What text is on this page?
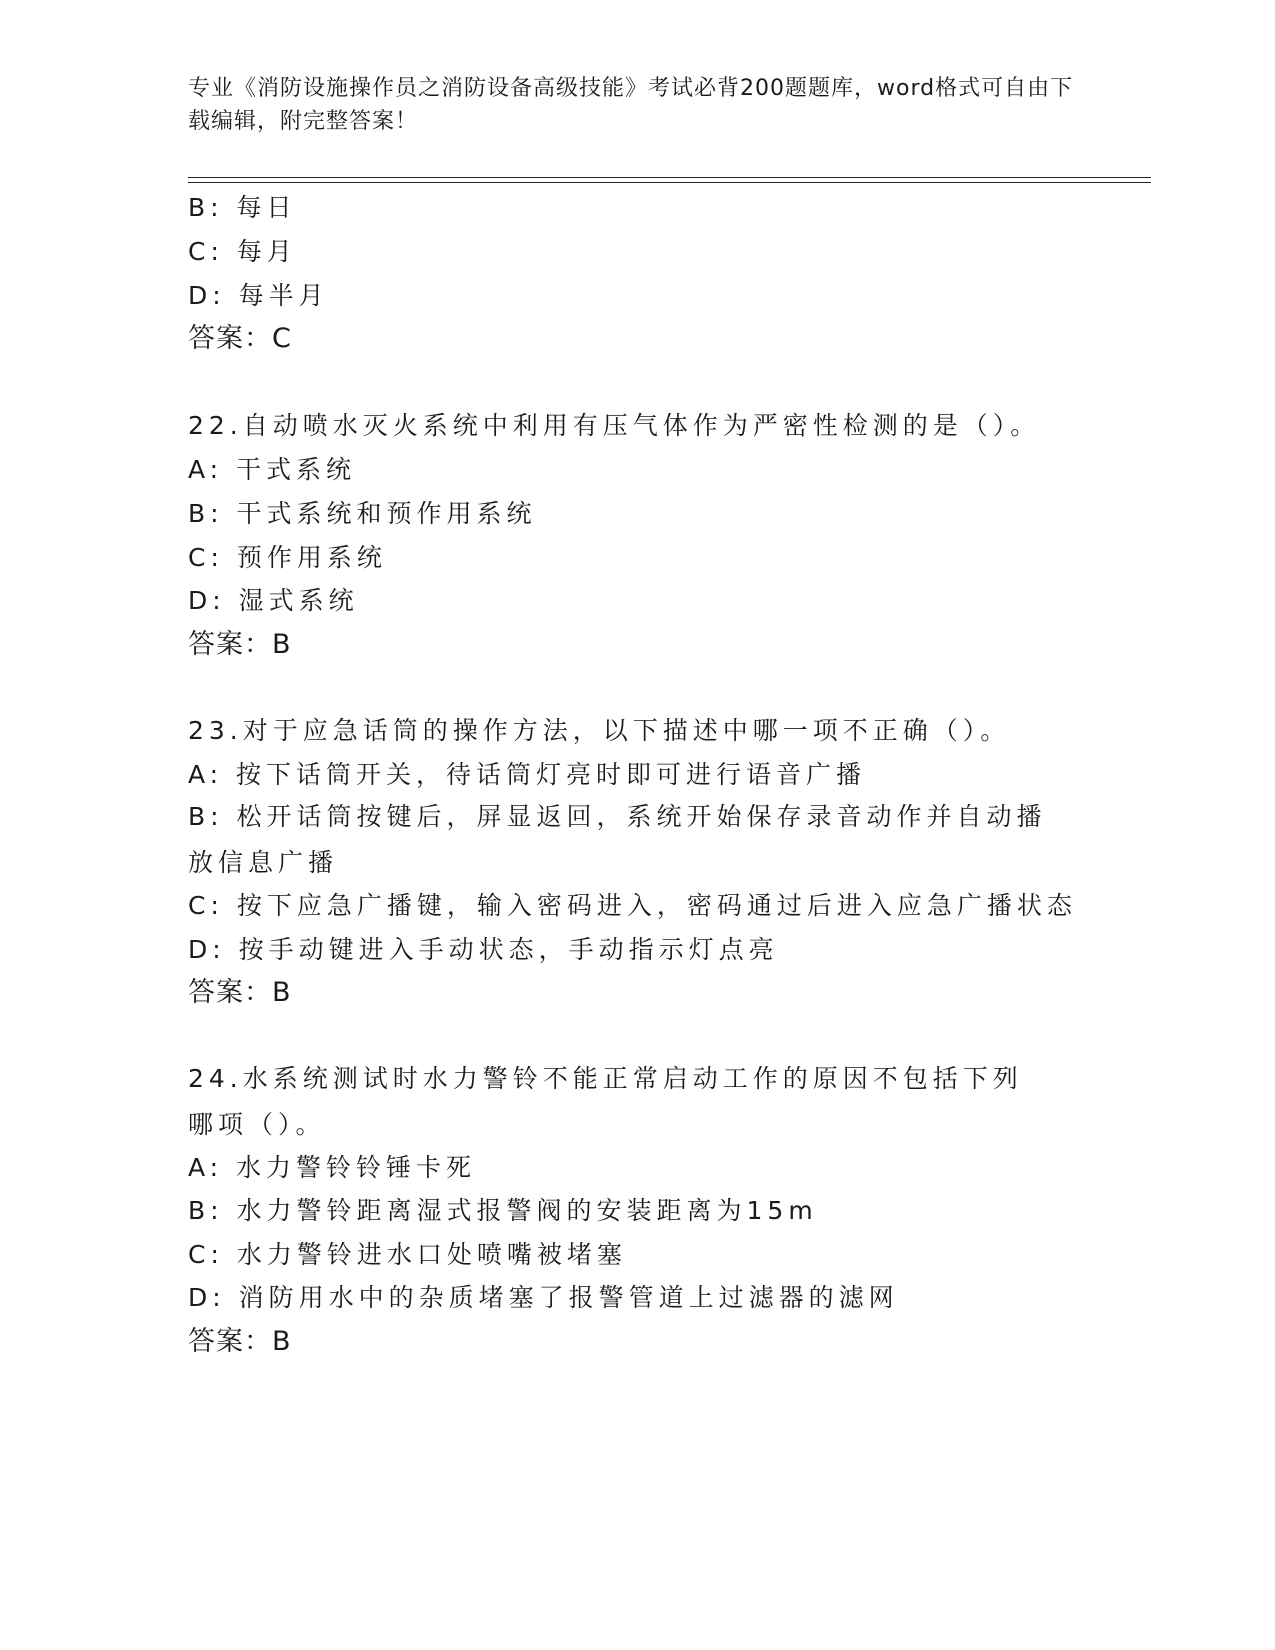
专业《消防设施操作员之消防设备高级技能》考试必背200题题库，word格式可自由下载编辑，附完整答案！
B: 每日
C: 每月
D: 每半月
答案：C
22.自动喷水灭火系统中利用有压气体作为严密性检测的是（）。
A: 干式系统
B: 干式系统和预作用系统
C: 预作用系统
D: 湿式系统
答案：B
23.对于应急话筒的操作方法，以下描述中哪一项不正确（）。
A: 按下话筒开关，待话筒灯亮时即可进行语音广播
B: 松开话筒按键后，屏显返回，系统开始保存录音动作并自动播放信息广播
C: 按下应急广播键，输入密码进入，密码通过后进入应急广播状态
D: 按手动键进入手动状态，手动指示灯点亮
答案：B
24.水系统测试时水力警铃不能正常启动工作的原因不包括下列哪项（）。
A: 水力警铃铃锤卡死
B: 水力警铃距离湿式报警阀的安装距离为15m
C: 水力警铃进水口处喷嘴被堵塞
D: 消防用水中的杂质堵塞了报警管道上过滤器的滤网
答案：B
